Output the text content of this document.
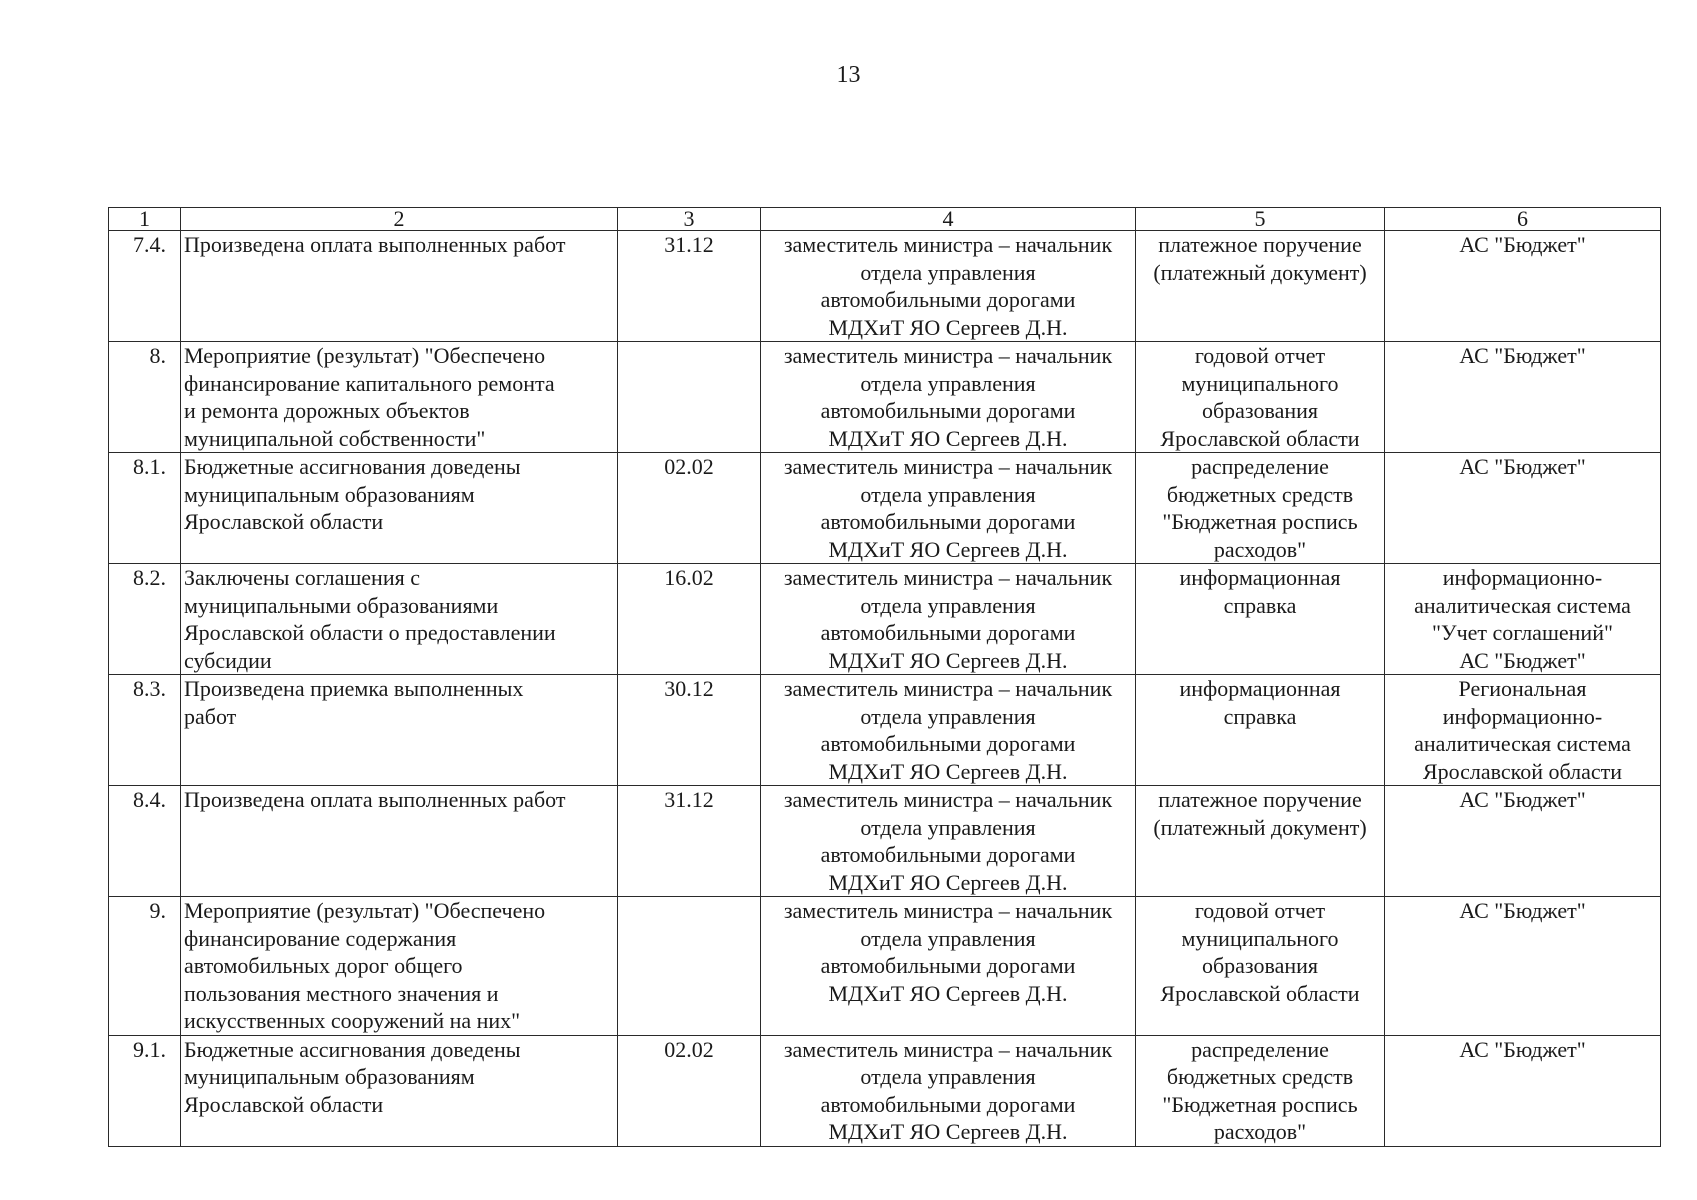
13
1	2	3	4	5	6
7.4.	Произведена оплата выполненных работ	31.12	заместитель министра – начальник
отдела управления
автомобильными дорогами
МДХиТ ЯО Сергеев Д.Н.	платежное поручение
(платежный документ)	АС "Бюджет"
8.	Мероприятие (результат) "Обеспечено
финансирование капитального ремонта
и ремонта дорожных объектов
муниципальной собственности"		заместитель министра – начальник
отдела управления
автомобильными дорогами
МДХиТ ЯО Сергеев Д.Н.	годовой отчет
муниципального
образования
Ярославской области	АС "Бюджет"
8.1.	Бюджетные ассигнования доведены
муниципальным образованиям
Ярославской области	02.02	заместитель министра – начальник
отдела управления
автомобильными дорогами
МДХиТ ЯО Сергеев Д.Н.	распределение
бюджетных средств
"Бюджетная роспись
расходов"	АС "Бюджет"
8.2.	Заключены соглашения с
муниципальными образованиями
Ярославской области о предоставлении
субсидии	16.02	заместитель министра – начальник
отдела управления
автомобильными дорогами
МДХиТ ЯО Сергеев Д.Н.	информационная
справка	информационно-
аналитическая система
"Учет соглашений"
АС "Бюджет"
8.3.	Произведена приемка выполненных
работ	30.12	заместитель министра – начальник
отдела управления
автомобильными дорогами
МДХиТ ЯО Сергеев Д.Н.	информационная
справка	Региональная
информационно-
аналитическая система
Ярославской области
8.4.	Произведена оплата выполненных работ	31.12	заместитель министра – начальник
отдела управления
автомобильными дорогами
МДХиТ ЯО Сергеев Д.Н.	платежное поручение
(платежный документ)	АС "Бюджет"
9.	Мероприятие (результат) "Обеспечено
финансирование содержания
автомобильных дорог общего
пользования местного значения и
искусственных сооружений на них"		заместитель министра – начальник
отдела управления
автомобильными дорогами
МДХиТ ЯО Сергеев Д.Н.	годовой отчет
муниципального
образования
Ярославской области	АС "Бюджет"
9.1.	Бюджетные ассигнования доведены
муниципальным образованиям
Ярославской области	02.02	заместитель министра – начальник
отдела управления
автомобильными дорогами
МДХиТ ЯО Сергеев Д.Н.	распределение
бюджетных средств
"Бюджетная роспись
расходов"	АС "Бюджет"
